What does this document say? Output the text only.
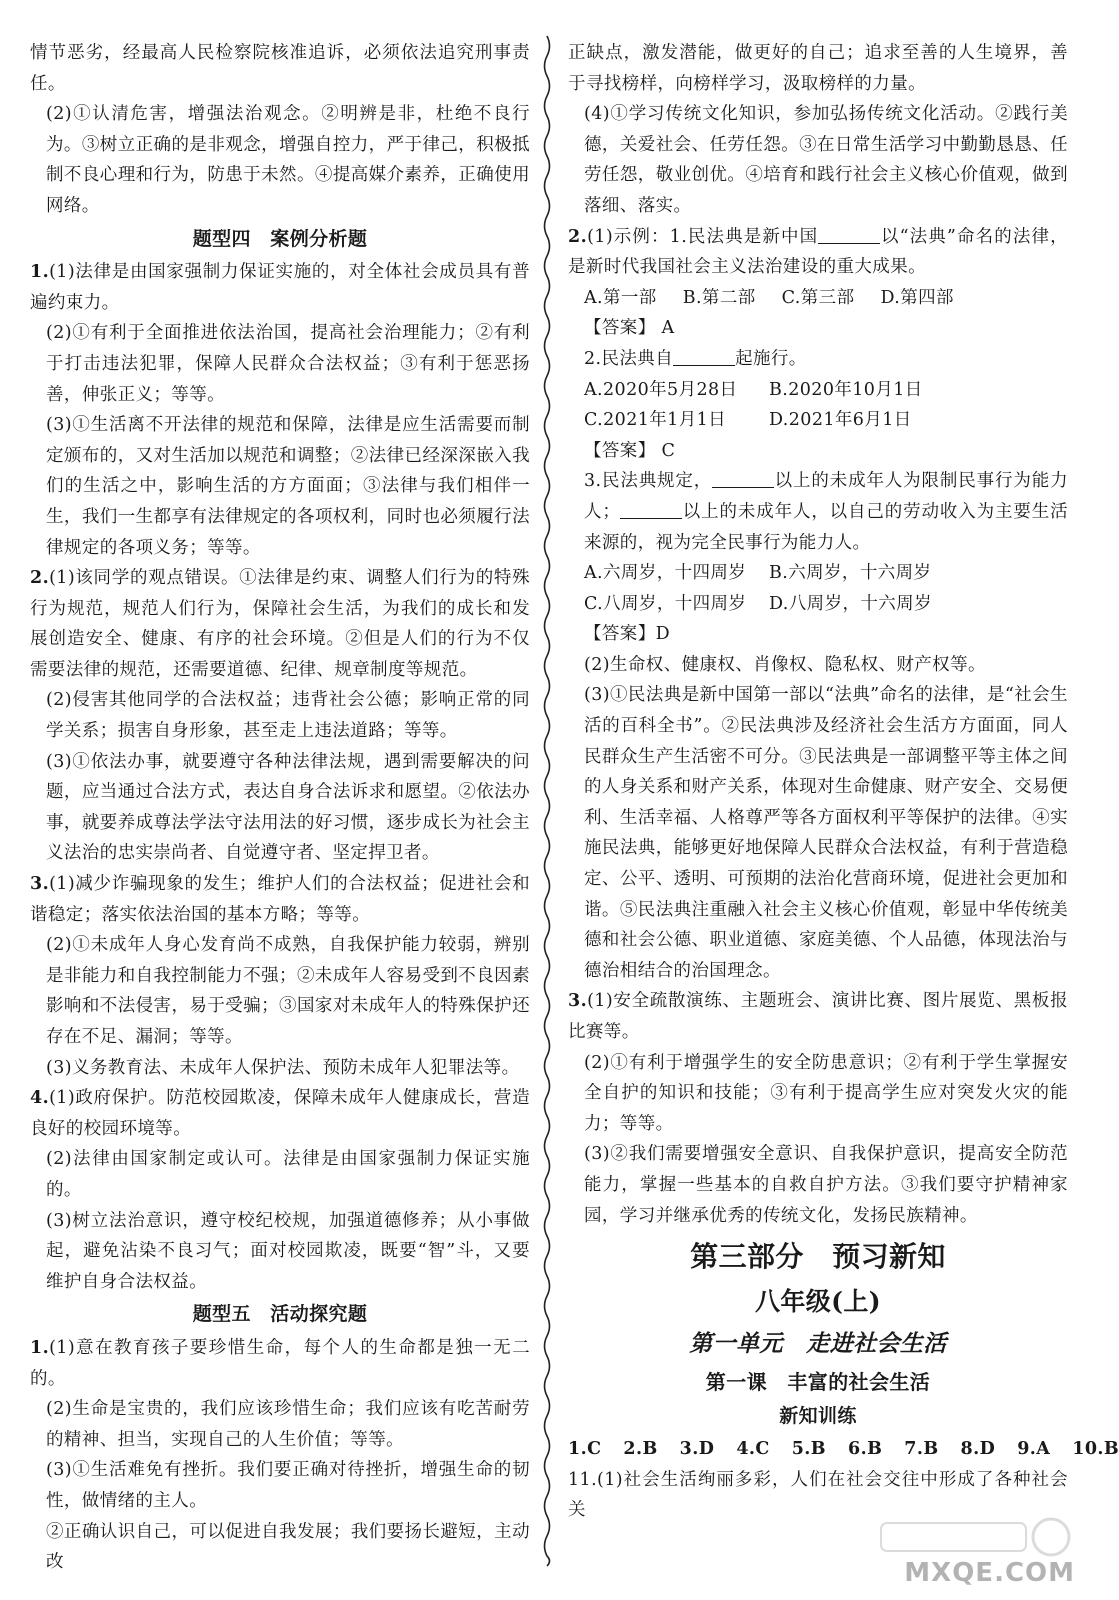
情节恶劣，经最高人民检察院核准追诉，必须依法追究刑事责任。

(2)①认清危害，增强法治观念。②明辨是非，杜绝不良行为。③树立正确的是非观念，增强自控力，严于律己，积极抵制不良心理和行为，防患于未然。④提高媒介素养，正确使用网络。

题型四　案例分析题

1.(1)法律是由国家强制力保证实施的，对全体社会成员具有普遍约束力。

(2)①有利于全面推进依法治国，提高社会治理能力；②有利于打击违法犯罪，保障人民群众合法权益；③有利于惩恶扬善，伸张正义；等等。

(3)①生活离不开法律的规范和保障，法律是应生活需要而制定颁布的，又对生活加以规范和调整；②法律已经深深嵌入我们的生活之中，影响生活的方方面面；③法律与我们相伴一生，我们一生都享有法律规定的各项权利，同时也必须履行法律规定的各项义务；等等。

2.(1)该同学的观点错误。①法律是约束、调整人们行为的特殊行为规范，规范人们行为，保障社会生活，为我们的成长和发展创造安全、健康、有序的社会环境。②但是人们的行为不仅需要法律的规范，还需要道德、纪律、规章制度等规范。

(2)侵害其他同学的合法权益；违背社会公德；影响正常的同学关系；损害自身形象，甚至走上违法道路；等等。

(3)①依法办事，就要遵守各种法律法规，遇到需要解决的问题，应当通过合法方式，表达自身合法诉求和愿望。②依法办事，就要养成尊法学法守法用法的好习惯，逐步成长为社会主义法治的忠实崇尚者、自觉遵守者、坚定捍卫者。

3.(1)减少诈骗现象的发生；维护人们的合法权益；促进社会和谐稳定；落实依法治国的基本方略；等等。

(2)①未成年人身心发育尚不成熟，自我保护能力较弱，辨别是非能力和自我控制能力不强；②未成年人容易受到不良因素影响和不法侵害，易于受骗；③国家对未成年人的特殊保护还存在不足、漏洞；等等。

(3)义务教育法、未成年人保护法、预防未成年人犯罪法等。

4.(1)政府保护。防范校园欺凌，保障未成年人健康成长，营造良好的校园环境等。

(2)法律由国家制定或认可。法律是由国家强制力保证实施的。

(3)树立法治意识，遵守校纪校规，加强道德修养；从小事做起，避免沾染不良习气；面对校园欺凌，既要“智”斗，又要维护自身合法权益。

题型五　活动探究题

1.(1)意在教育孩子要珍惜生命，每个人的生命都是独一无二的。

(2)生命是宝贵的，我们应该珍惜生命；我们应该有吃苦耐劳的精神、担当，实现自己的人生价值；等等。

(3)①生活难免有挫折。我们要正确对待挫折，增强生命的韧性，做情绪的主人。

②正确认识自己，可以促进自我发展；我们要扬长避短，主动改

正缺点，激发潜能，做更好的自己；追求至善的人生境界，善于寻找榜样，向榜样学习，汲取榜样的力量。

(4)①学习传统文化知识，参加弘扬传统文化活动。②践行美德，关爱社会、任劳任怨。③在日常生活学习中勤勤恳恳、任劳任怨，敬业创优。④培育和践行社会主义核心价值观，做到落细、落实。

2.(1)示例：1.民法典是新中国	以“法典”命名的法律，是新时代我国社会主义法治建设的重大成果。

A.第一部 B.第二部 C.第三部 D.第四部

【答案】 A

2.民法典自	起施行。

A.2020年5月28日	B.2020年10月1日
C.2021年1月1日	D.2021年6月1日

【答案】 C

3.民法典规定，	以上的未成年人为限制民事行为能力人；	以上的未成年人，以自己的劳动收入为主要生活来源的，视为完全民事行为能力人。

A.六周岁，十四周岁	B.六周岁，十六周岁
C.八周岁，十四周岁	D.八周岁，十六周岁

【答案】D

(2)生命权、健康权、肖像权、隐私权、财产权等。

(3)①民法典是新中国第一部以“法典”命名的法律，是“社会生活的百科全书”。②民法典涉及经济社会生活方方面面，同人民群众生产生活密不可分。③民法典是一部调整平等主体之间的人身关系和财产关系，体现对生命健康、财产安全、交易便利、生活幸福、人格尊严等各方面权利平等保护的法律。④实施民法典，能够更好地保障人民群众合法权益，有利于营造稳定、公平、透明、可预期的法治化营商环境，促进社会更加和谐。⑤民法典注重融入社会主义核心价值观，彰显中华传统美德和社会公德、职业道德、家庭美德、个人品德，体现法治与德治相结合的治国理念。

3.(1)安全疏散演练、主题班会、演讲比赛、图片展览、黑板报比赛等。

(2)①有利于增强学生的安全防患意识；②有利于学生掌握安全自护的知识和技能；③有利于提高学生应对突发火灾的能力；等等。

(3)②我们需要增强安全意识、自我保护意识，提高安全防范能力，掌握一些基本的自救自护方法。③我们要守护精神家园，学习并继承优秀的传统文化，发扬民族精神。

第三部分　预习新知
八年级(上)
第一单元　走进社会生活
第一课　丰富的社会生活
新知训练
1.C 2.B 3.D 4.C 5.B 6.B 7.B 8.D 9.A 10.B

11.(1)社会生活绚丽多彩，人们在社会交往中形成了各种社会关

MXQE.COM
